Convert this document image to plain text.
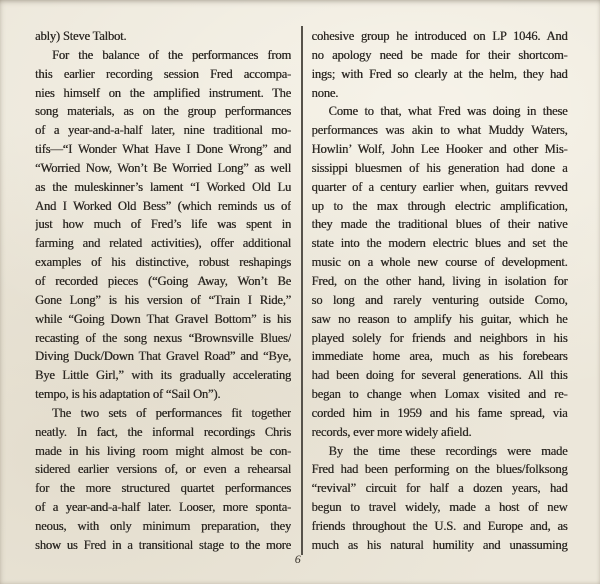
ably) Steve Talbot.
For the balance of the performances from
this earlier recording session Fred accompa-
nies himself on the amplified instrument. The
song materials, as on the group performances
of a year-and-a-half later, nine traditional mo-
tifs—“I Wonder What Have I Done Wrong” and
“Worried Now, Won’t Be Worried Long” as well
as the muleskinner’s lament “I Worked Old Lu
And I Worked Old Bess” (which reminds us of
just how much of Fred’s life was spent in
farming and related activities), offer additional
examples of his distinctive, robust reshapings
of recorded pieces (“Going Away, Won’t Be
Gone Long” is his version of “Train I Ride,”
while “Going Down That Gravel Bottom” is his
recasting of the song nexus “Brownsville Blues/
Diving Duck/Down That Gravel Road” and “Bye,
Bye Little Girl,” with its gradually accelerating
tempo, is his adaptation of “Sail On”).
The two sets of performances fit together
neatly. In fact, the informal recordings Chris
made in his living room might almost be con-
sidered earlier versions of, or even a rehearsal
for the more structured quartet performances
of a year-and-a-half later. Looser, more sponta-
neous, with only minimum preparation, they
show us Fred in a transitional stage to the more
cohesive group he introduced on LP 1046. And
no apology need be made for their shortcom-
ings; with Fred so clearly at the helm, they had
none.
Come to that, what Fred was doing in these
performances was akin to what Muddy Waters,
Howlin’ Wolf, John Lee Hooker and other Mis-
sissippi bluesmen of his generation had done a
quarter of a century earlier when, guitars revved
up to the max through electric amplification,
they made the traditional blues of their native
state into the modern electric blues and set the
music on a whole new course of development.
Fred, on the other hand, living in isolation for
so long and rarely venturing outside Como,
saw no reason to amplify his guitar, which he
played solely for friends and neighbors in his
immediate home area, much as his forebears
had been doing for several generations. All this
began to change when Lomax visited and re-
corded him in 1959 and his fame spread, via
records, ever more widely afield.
By the time these recordings were made
Fred had been performing on the blues/folksong
“revival” circuit for half a dozen years, had
begun to travel widely, made a host of new
friends throughout the U.S. and Europe and, as
much as his natural humility and unassuming
6
